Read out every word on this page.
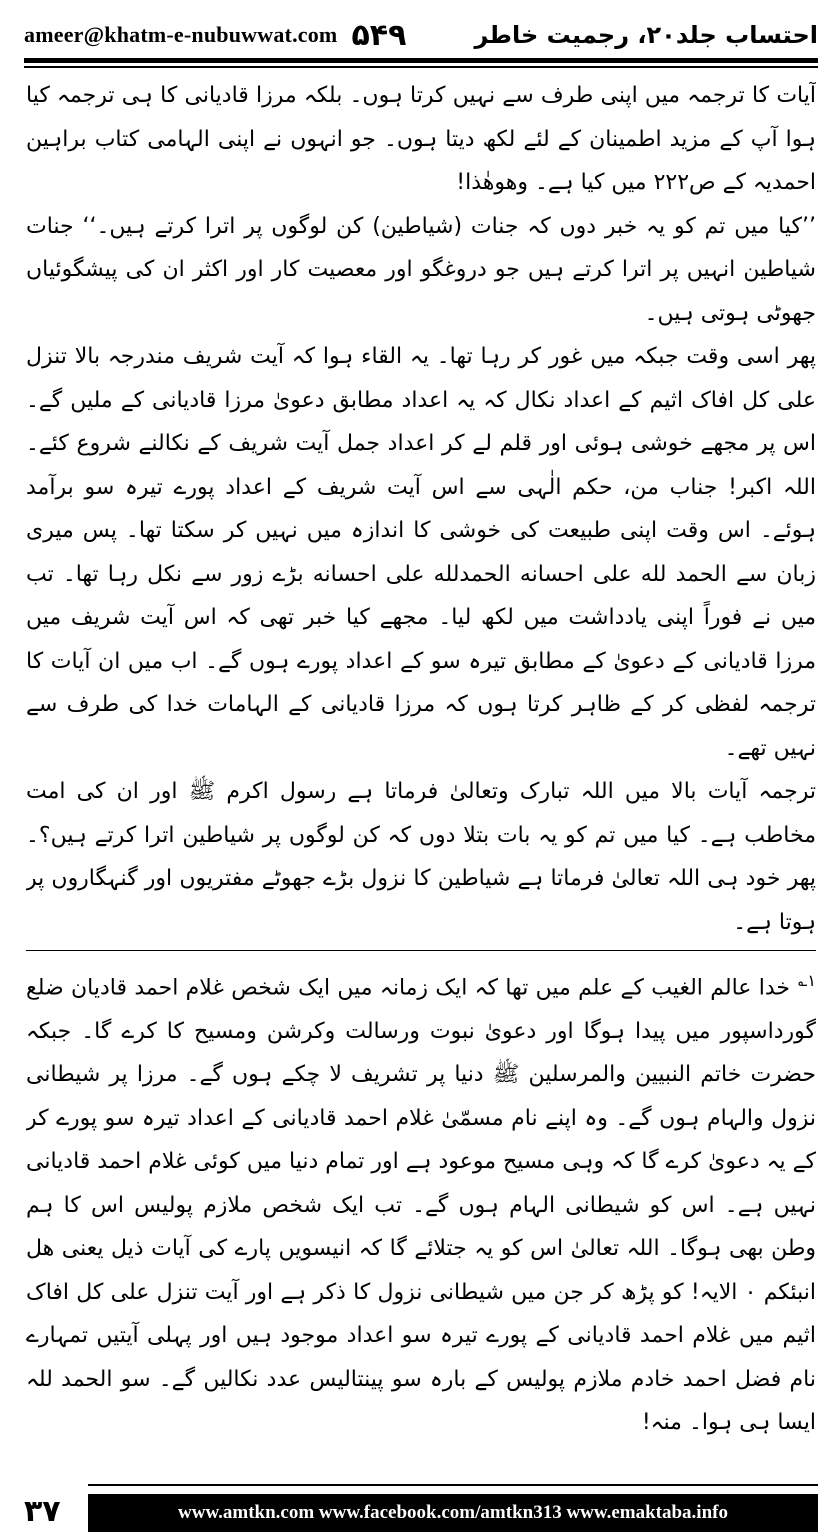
ameer@khatm-e-nubuwwat.com ۵۴۹	احتساب جلد۲۰، رجمیت خاطر

آیات کا ترجمہ میں اپنی طرف سے نہیں کرتا ہوں۔ بلکہ مرزا قادیانی کا ہی ترجمہ کیا ہوا آپ کے مزید اطمینان کے لئے لکھ دیتا ہوں۔ جو انہوں نے اپنی الہامی کتاب براہین احمدیہ کے ص۲۲۲ میں کیا ہے۔ وھوھٰذا!

’’کیا میں تم کو یہ خبر دوں کہ جنات (شیاطین) کن لوگوں پر اترا کرتے ہیں۔‘‘ جنات شیاطین انہیں پر اترا کرتے ہیں جو دروغگو اور معصیت کار اور اکثر ان کی پیشگوئیاں جھوٹی ہوتی ہیں۔

پھر اسی وقت جبکہ میں غور کر رہا تھا۔ یہ القاء ہوا کہ آیت شریف مندرجہ بالا تنزل علی کل افاک اثیم کے اعداد نکال کہ یہ اعداد مطابق دعویٰ مرزا قادیانی کے ملیں گے۔ اس پر مجھے خوشی ہوئی اور قلم لے کر اعداد جمل آیت شریف کے نکالنے شروع کئے۔ اللہ اکبر! جناب من، حکم الٰہی سے اس آیت شریف کے اعداد پورے تیرہ سو برآمد ہوئے۔ اس وقت اپنی طبیعت کی خوشی کا اندازہ میں نہیں کر سکتا تھا۔ پس میری زبان سے الحمد لله علی احسانه الحمدلله علی احسانه بڑے زور سے نکل رہا تھا۔ تب میں نے فوراً اپنی یادداشت میں لکھ لیا۔ مجھے کیا خبر تھی کہ اس آیت شریف میں مرزا قادیانی کے دعویٰ کے مطابق تیرہ سو کے اعداد پورے ہوں گے۔ اب میں ان آیات کا ترجمہ لفظی کر کے ظاہر کرتا ہوں کہ مرزا قادیانی کے الہامات خدا کی طرف سے نہیں تھے۔

ترجمہ آیات بالا میں اللہ تبارک وتعالیٰ فرماتا ہے رسول اکرم ﷺ اور ان کی امت مخاطب ہے۔ کیا میں تم کو یہ بات بتلا دوں کہ کن لوگوں پر شیاطین اترا کرتے ہیں؟۔ پھر خود ہی اللہ تعالیٰ فرماتا ہے شیاطین کا نزول بڑے جھوٹے مفتریوں اور گنہگاروں پر ہوتا ہے۔

$^{۱؎}$خدا عالم الغیب کے علم میں تھا کہ ایک زمانہ میں ایک شخص غلام احمد قادیان ضلع گورداسپور میں پیدا ہوگا اور دعویٰ نبوت ورسالت وکرشن ومسیح کا کرے گا۔ جبکہ حضرت خاتم النبیین والمرسلین ﷺ دنیا پر تشریف لا چکے ہوں گے۔ مرزا پر شیطانی نزول والہام ہوں گے۔ وہ اپنے نام مسمّیٰ غلام احمد قادیانی کے اعداد تیرہ سو پورے کر کے یہ دعویٰ کرے گا کہ وہی مسیح موعود ہے اور تمام دنیا میں کوئی غلام احمد قادیانی نہیں ہے۔ اس کو شیطانی الہام ہوں گے۔ تب ایک شخص ملازم پولیس اس کا ہم وطن بھی ہوگا۔ اللہ تعالیٰ اس کو یہ جتلائے گا کہ انیسویں پارے کی آیات ذیل یعنی ھل انبئکم ۰ الایہ! کو پڑھ کر جن میں شیطانی نزول کا ذکر ہے اور آیت تنزل علی کل افاک اثیم میں غلام احمد قادیانی کے پورے تیرہ سو اعداد موجود ہیں اور پہلی آیتیں تمہارے نام فضل احمد خادم ملازم پولیس کے بارہ سو پینتالیس عدد نکالیں گے۔ سو الحمد للہ ایسا ہی ہوا۔ منہ!

۳۷	www.amtkn.com www.facebook.com/amtkn313 www.emaktaba.info
